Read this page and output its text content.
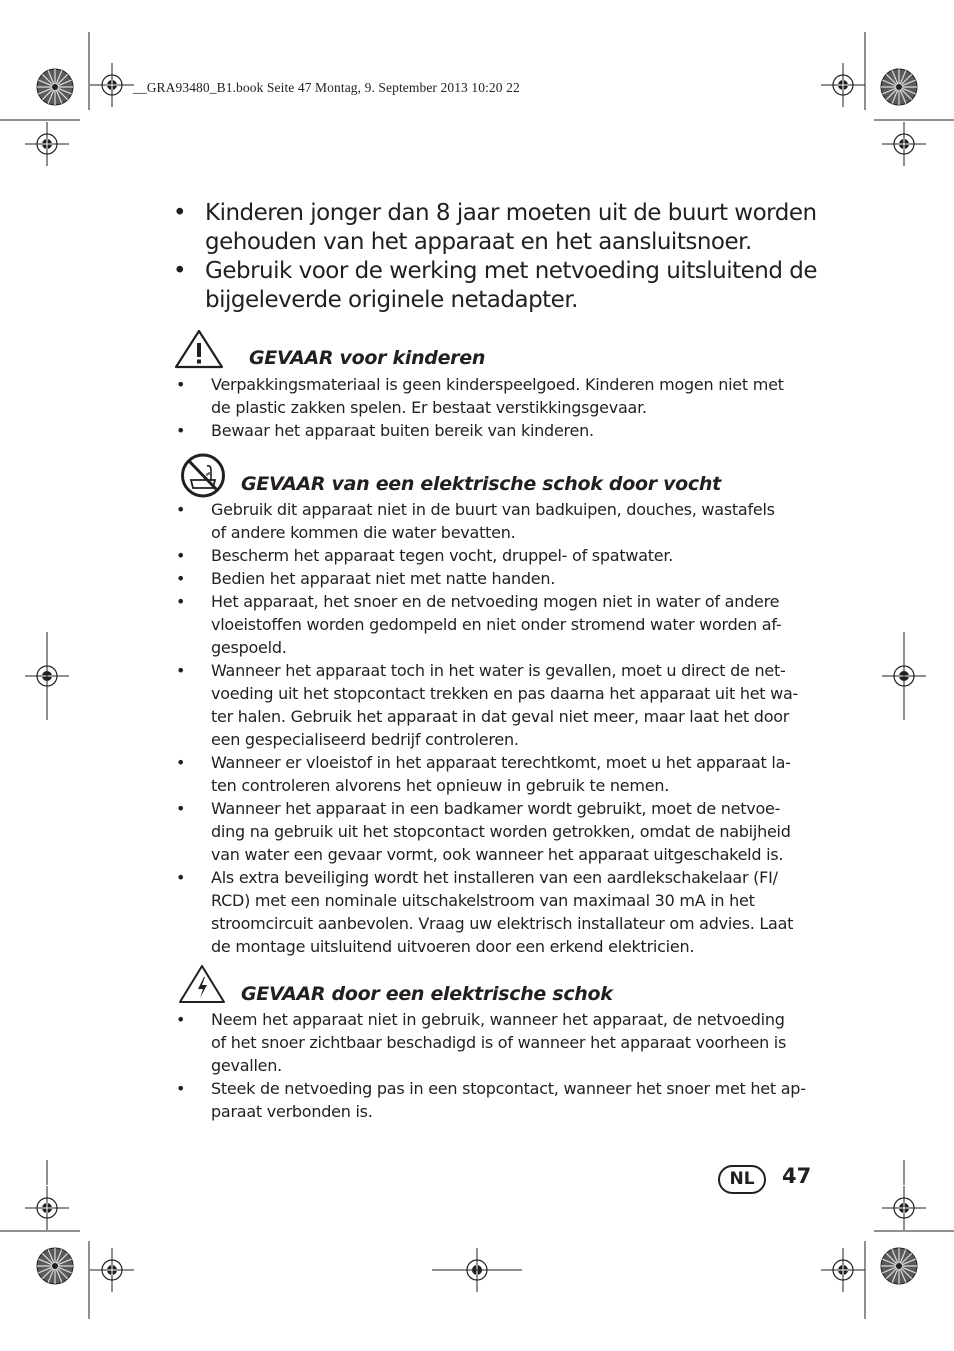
__GRA93480_B1.book Seite 47 Montag, 9. September 2013 10:20 22
• Kinderen jonger dan 8 jaar moeten uit de buurt worden
gehouden van het apparaat en het aansluitsnoer.
• Gebruik voor de werking met netvoeding uitsluitend de
bijgeleverde originele netadapter.
GEVAAR voor kinderen
• Verpakkingsmateriaal is geen kinderspeelgoed. Kinderen mogen niet met
de plastic zakken spelen. Er bestaat verstikkingsgevaar.
• Bewaar het apparaat buiten bereik van kinderen.
GEVAAR van een elektrische schok door vocht
• Gebruik dit apparaat niet in de buurt van badkuipen, douches, wastafels
of andere kommen die water bevatten.
• Bescherm het apparaat tegen vocht, druppel- of spatwater.
• Bedien het apparaat niet met natte handen.
• Het apparaat, het snoer en de netvoeding mogen niet in water of andere
vloeistoffen worden gedompeld en niet onder stromend water worden af-
gespoeld.
• Wanneer het apparaat toch in het water is gevallen, moet u direct de net-
voeding uit het stopcontact trekken en pas daarna het apparaat uit het wa-
ter halen. Gebruik het apparaat in dat geval niet meer, maar laat het door
een gespecialiseerd bedrijf controleren.
• Wanneer er vloeistof in het apparaat terechtkomt, moet u het apparaat la-
ten controleren alvorens het opnieuw in gebruik te nemen.
• Wanneer het apparaat in een badkamer wordt gebruikt, moet de netvoe-
ding na gebruik uit het stopcontact worden getrokken, omdat de nabijheid
van water een gevaar vormt, ook wanneer het apparaat uitgeschakeld is.
• Als extra beveiliging wordt het installeren van een aardlekschakelaar (FI/
RCD) met een nominale uitschakelstroom van maximaal 30 mA in het
stroomcircuit aanbevolen. Vraag uw elektrisch installateur om advies. Laat
de montage uitsluitend uitvoeren door een erkend elektricien.
GEVAAR door een elektrische schok
• Neem het apparaat niet in gebruik, wanneer het apparaat, de netvoeding
of het snoer zichtbaar beschadigd is of wanneer het apparaat voorheen is
gevallen.
• Steek de netvoeding pas in een stopcontact, wanneer het snoer met het ap-
paraat verbonden is.
NL	47
